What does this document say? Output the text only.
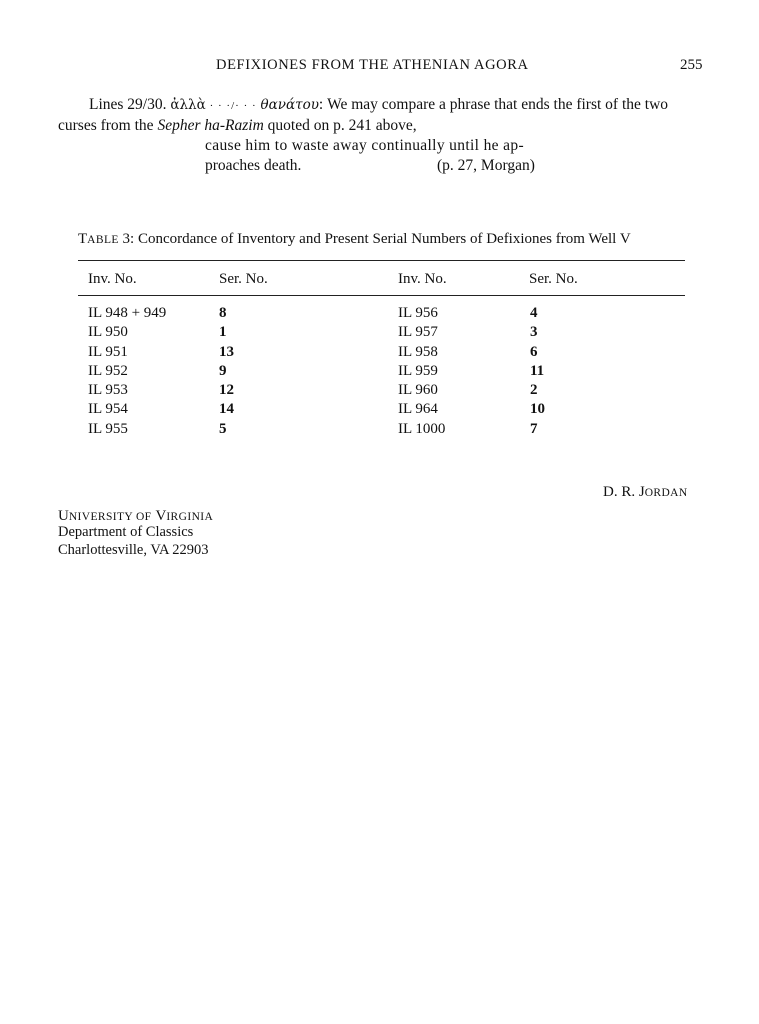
DEFIXIONES FROM THE ATHENIAN AGORA	255
Lines 29/30. ἀλλὰ · · ·/· · · θανάτου: We may compare a phrase that ends the first of the two
curses from the Sepher ha-Razim quoted on p. 241 above,
cause him to waste away continually until he ap-
proaches death.	(p. 27, Morgan)
TABLE 3: Concordance of Inventory and Present Serial Numbers of Defixiones from Well V
Inv. No.	Ser. No.	Inv. No.	Ser. No.
IL 948 + 949	8	IL 956	4
IL 950	1	IL 957	3
IL 951	13	IL 958	6
IL 952	9	IL 959	11
IL 953	12	IL 960	2
IL 954	14	IL 964	10
IL 955	5	IL 1000	7
D. R. JORDAN
UNIVERSITY OF VIRGINIA
Department of Classics
Charlottesville, VA 22903
